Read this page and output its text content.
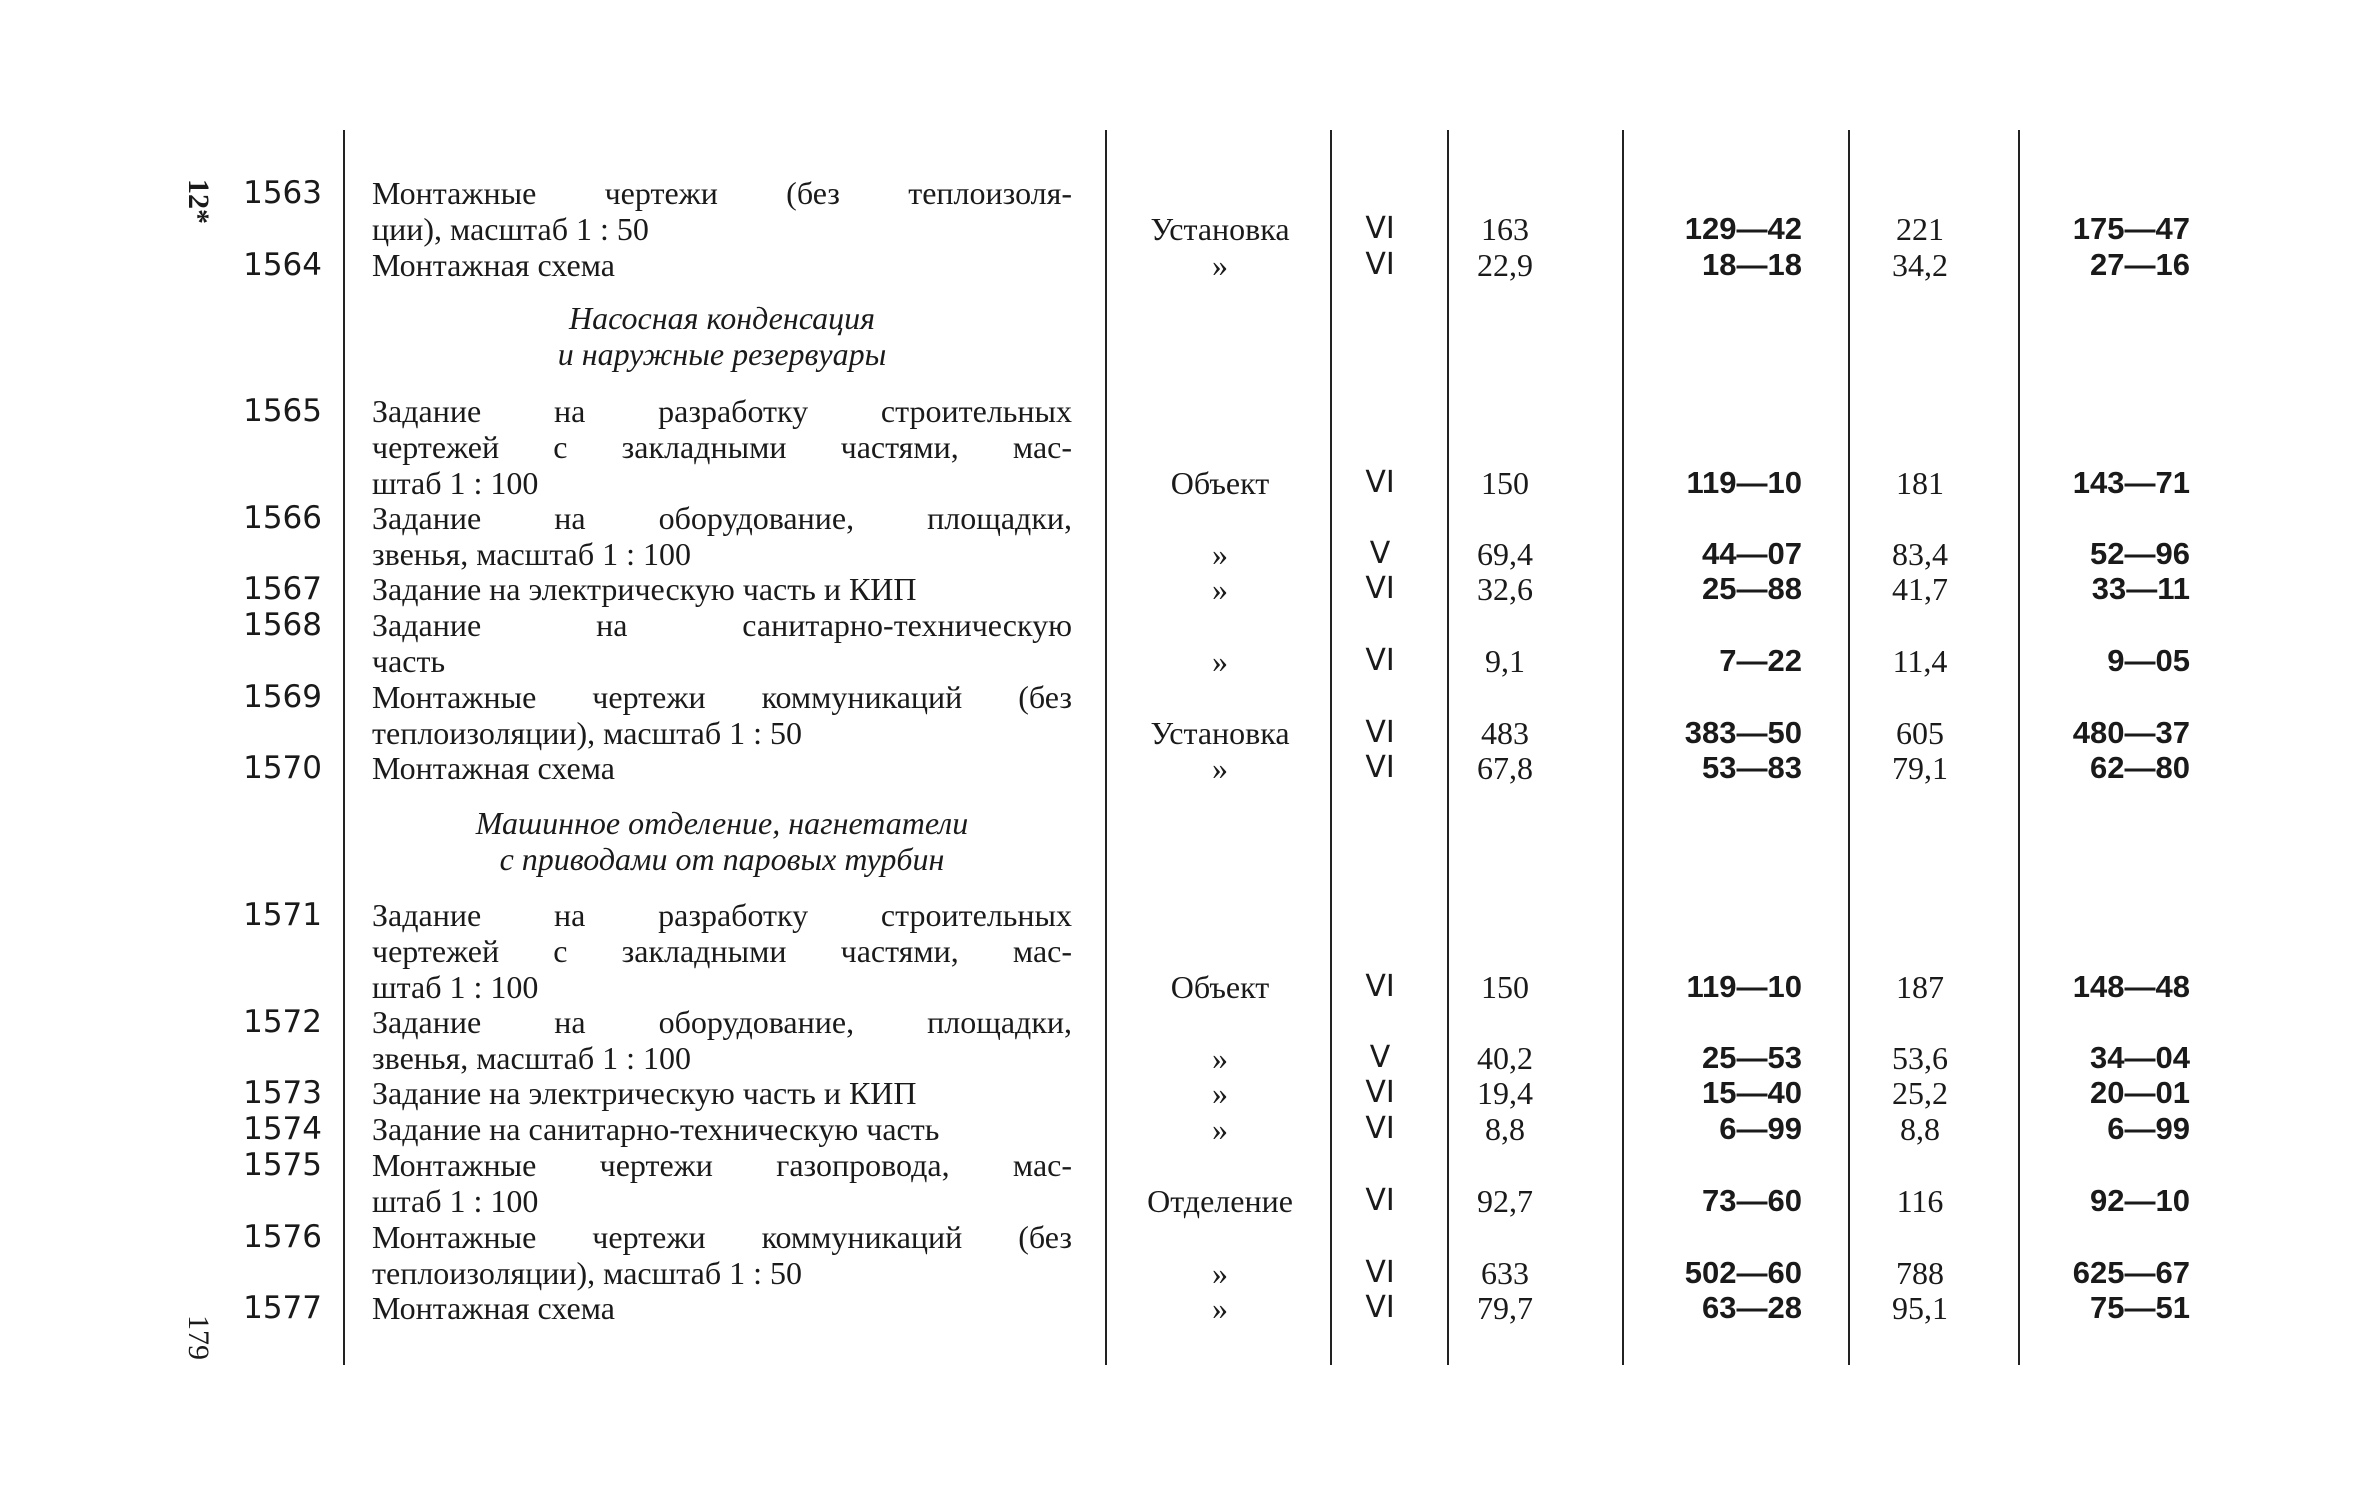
12*
179
Насосная конденсация
и наружные резервуары
Машинное отделение, нагнетатели
с приводами от паровых турбин
1563 Монтажные чертежи (без теплоизоля-
ции), масштаб 1 : 50	Установка	VI	163	129—42	221	175—47
1564 Монтажная схема	»	VI	22,9	18—18	34,2	27—16
1565 Задание на разработку строительных
чертежей с закладными частями, мас-
штаб 1 : 100	Объект	VI	150	119—10	181	143—71
1566 Задание на оборудование, площадки,
звенья, масштаб 1 : 100	»	V	69,4	44—07	83,4	52—96
1567 Задание на электрическую часть и КИП	»	VI	32,6	25—88	41,7	33—11
1568 Задание на санитарно-техническую
часть	»	VI	9,1	7—22	11,4	9—05
1569 Монтажные чертежи коммуникаций (без
теплоизоляции), масштаб 1 : 50	Установка	VI	483	383—50	605	480—37
1570 Монтажная схема	»	VI	67,8	53—83	79,1	62—80
1571 Задание на разработку строительных
чертежей с закладными частями, мас-
штаб 1 : 100	Объект	VI	150	119—10	187	148—48
1572 Задание на оборудование, площадки,
звенья, масштаб 1 : 100	»	V	40,2	25—53	53,6	34—04
1573 Задание на электрическую часть и КИП	»	VI	19,4	15—40	25,2	20—01
1574 Задание на санитарно-техническую часть	»	VI	8,8	6—99	8,8	6—99
1575 Монтажные чертежи газопровода, мас-
штаб 1 : 100	Отделение	VI	92,7	73—60	116	92—10
1576 Монтажные чертежи коммуникаций (без
теплоизоляции), масштаб 1 : 50	»	VI	633	502—60	788	625—67
1577 Монтажная схема	»	VI	79,7	63—28	95,1	75—51
